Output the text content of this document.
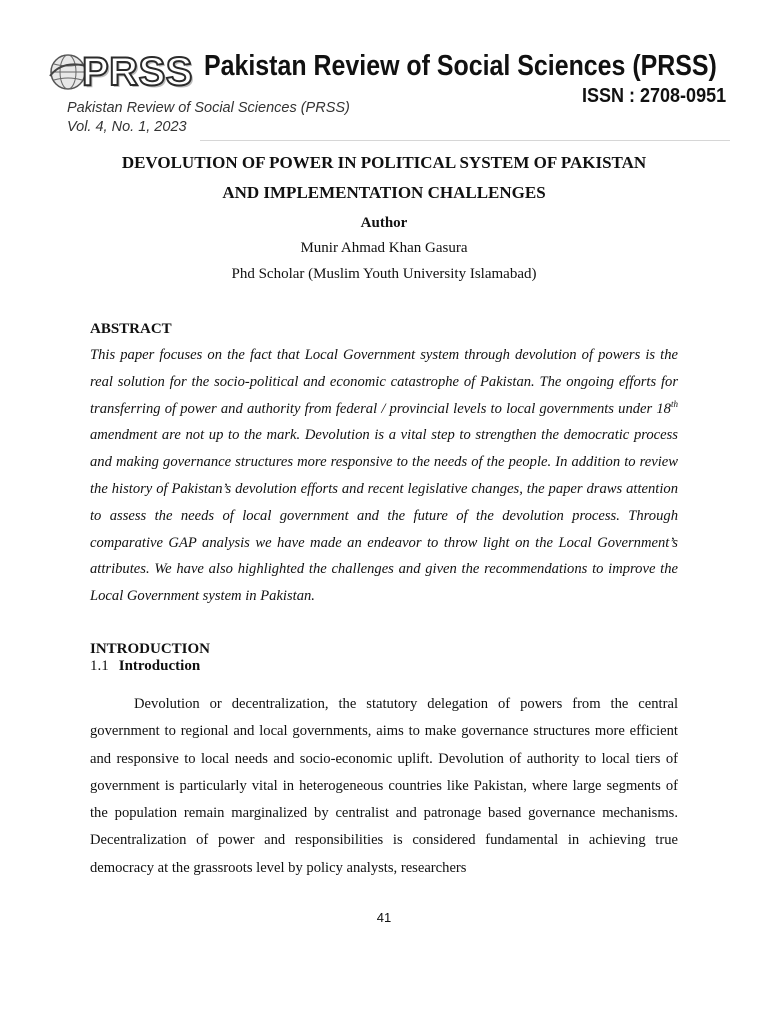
PRSS Pakistan Review of Social Sciences (PRSS)
ISSN : 2708-0951
Pakistan Review of Social Sciences (PRSS)
Vol. 4, No. 1, 2023
DEVOLUTION OF POWER IN POLITICAL SYSTEM OF PAKISTAN
AND IMPLEMENTATION CHALLENGES
Author
Munir Ahmad Khan Gasura
Phd Scholar (Muslim Youth University Islamabad)
ABSTRACT

This paper focuses on the fact that Local Government system through devolution of powers is the real solution for the socio-political and economic catastrophe of Pakistan. The ongoing efforts for transferring of power and authority from federal / provincial levels to local governments under 18th amendment are not up to the mark. Devolution is a vital step to strengthen the democratic process and making governance structures more responsive to the needs of the people. In addition to review the history of Pakistan’s devolution efforts and recent legislative changes, the paper draws attention to assess the needs of local government and the future of the devolution process. Through comparative GAP analysis we have made an endeavor to throw light on the Local Government’s attributes. We have also highlighted the challenges and given the recommendations to improve the Local Government system in Pakistan.

INTRODUCTION
1.1 Introduction

Devolution or decentralization, the statutory delegation of powers from the central government to regional and local governments, aims to make governance structures more efficient and responsive to local needs and socio-economic uplift. Devolution of authority to local tiers of government is particularly vital in heterogeneous countries like Pakistan, where large segments of the population remain marginalized by centralist and patronage based governance mechanisms. Decentralization of power and responsibilities is considered fundamental in achieving true democracy at the grassroots level by policy analysts, researchers

41
